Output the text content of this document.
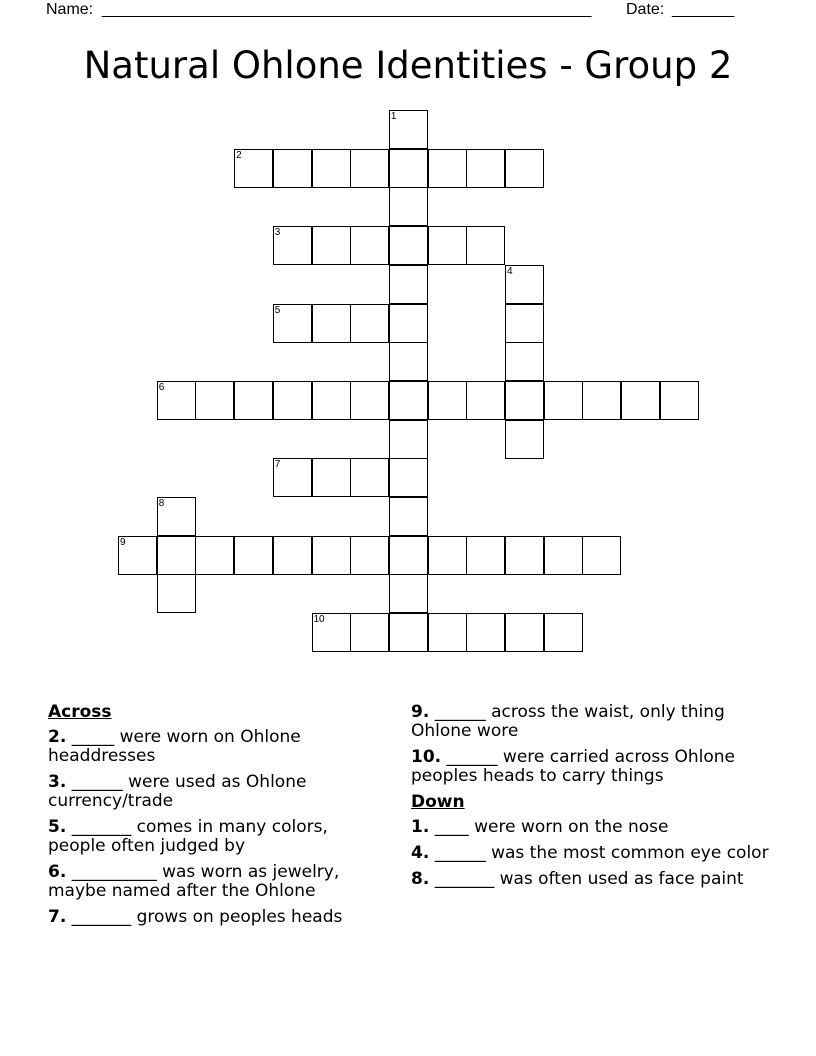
Name: _______________________________________________________ Date: _______
Natural Ohlone Identities - Group 2
1
2
3
4
5
6
7
8
9
10
Across
2. _____ were worn on Ohlone headdresses
3. ______ were used as Ohlone currency/trade
5. _______ comes in many colors, people often judged by
6. __________ was worn as jewelry, maybe named after the Ohlone
7. _______ grows on peoples heads
9. ______ across the waist, only thing Ohlone wore
10. ______ were carried across Ohlone peoples heads to carry things
Down
1. ____ were worn on the nose
4. ______ was the most common eye color
8. _______ was often used as face paint
